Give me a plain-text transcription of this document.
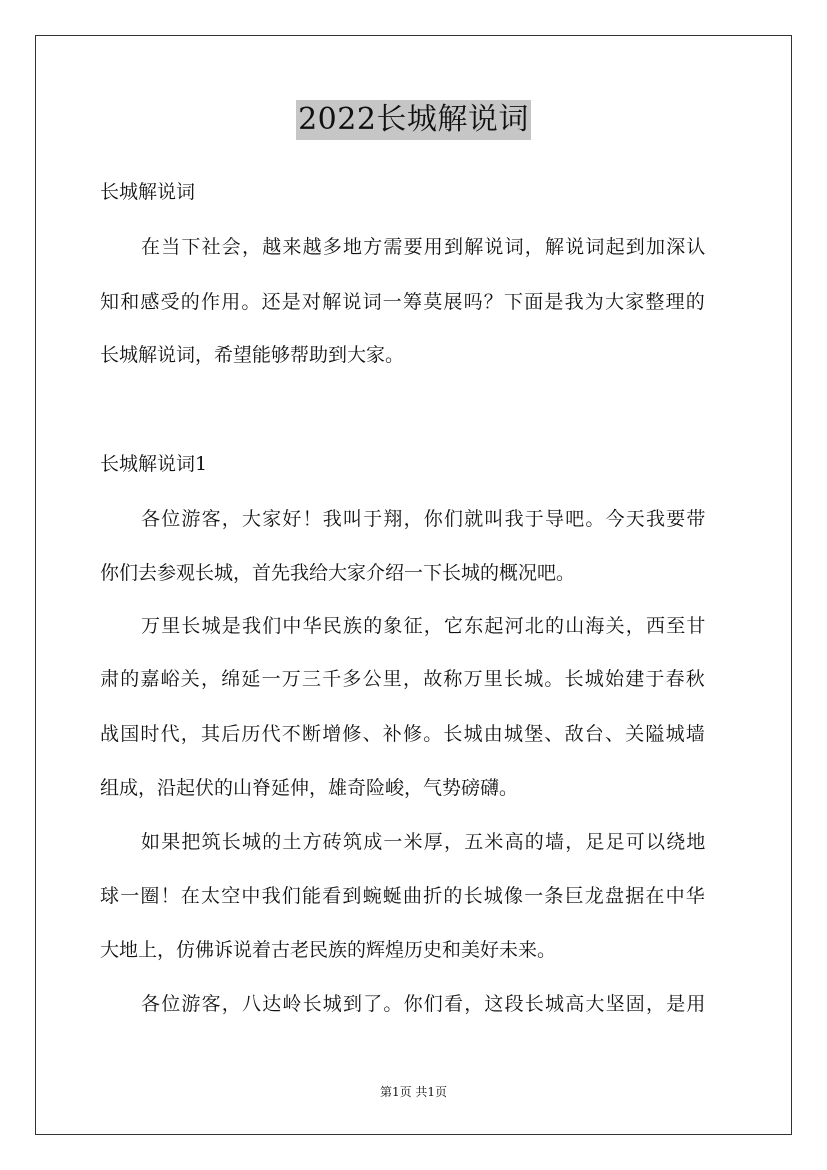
2022长城解说词
长城解说词
在当下社会，越来越多地方需要用到解说词，解说词起到加深认
知和感受的作用。还是对解说词一筹莫展吗？下面是我为大家整理的
长城解说词，希望能够帮助到大家。
长城解说词1
各位游客，大家好！我叫于翔，你们就叫我于导吧。今天我要带
你们去参观长城，首先我给大家介绍一下长城的概况吧。
万里长城是我们中华民族的象征，它东起河北的山海关，西至甘
肃的嘉峪关，绵延一万三千多公里，故称万里长城。长城始建于春秋
战国时代，其后历代不断增修、补修。长城由城堡、敌台、关隘城墙
组成，沿起伏的山脊延伸，雄奇险峻，气势磅礴。
如果把筑长城的土方砖筑成一米厚，五米高的墙，足足可以绕地
球一圈！在太空中我们能看到蜿蜒曲折的长城像一条巨龙盘据在中华
大地上，仿佛诉说着古老民族的辉煌历史和美好未来。
各位游客，八达岭长城到了。你们看，这段长城高大坚固，是用
第1页 共1页
